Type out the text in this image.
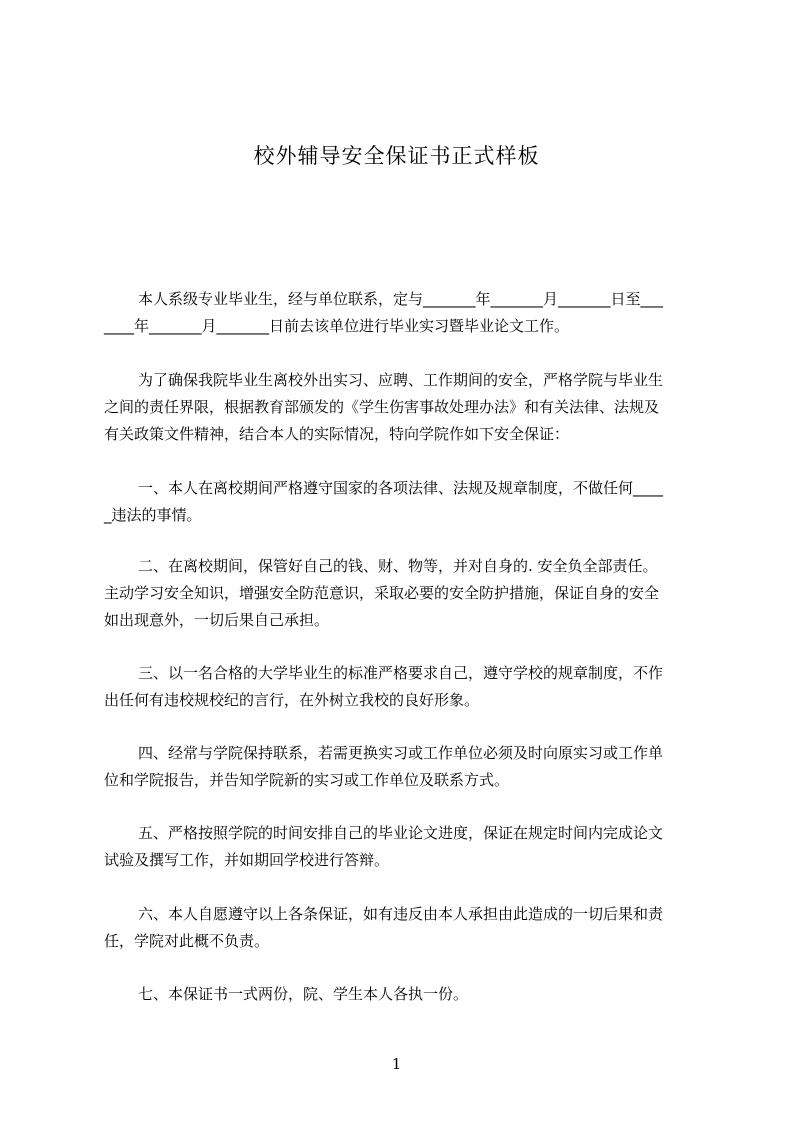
校外辅导安全保证书正式样板
本人系级专业毕业生，经与单位联系，定与_______年_______月_______日至___
____年_______月_______日前去该单位进行毕业实习暨毕业论文工作。
为了确保我院毕业生离校外出实习、应聘、工作期间的安全，严格学院与毕业生
之间的责任界限，根据教育部颁发的《学生伤害事故处理办法》和有关法律、法规及
有关政策文件精神，结合本人的实际情况，特向学院作如下安全保证：
一、本人在离校期间严格遵守国家的各项法律、法规及规章制度，不做任何____
_违法的事情。
二、在离校期间，保管好自己的钱、财、物等，并对自身的. 安全负全部责任。
主动学习安全知识，增强安全防范意识，采取必要的安全防护措施，保证自身的安全
如出现意外，一切后果自己承担。
三、以一名合格的大学毕业生的标准严格要求自己，遵守学校的规章制度，不作
出任何有违校规校纪的言行，在外树立我校的良好形象。
四、经常与学院保持联系，若需更换实习或工作单位必须及时向原实习或工作单
位和学院报告，并告知学院新的实习或工作单位及联系方式。
五、严格按照学院的时间安排自己的毕业论文进度，保证在规定时间内完成论文
试验及撰写工作，并如期回学校进行答辩。
六、本人自愿遵守以上各条保证，如有违反由本人承担由此造成的一切后果和责
任，学院对此概不负责。
七、本保证书一式两份，院、学生本人各执一份。
1
